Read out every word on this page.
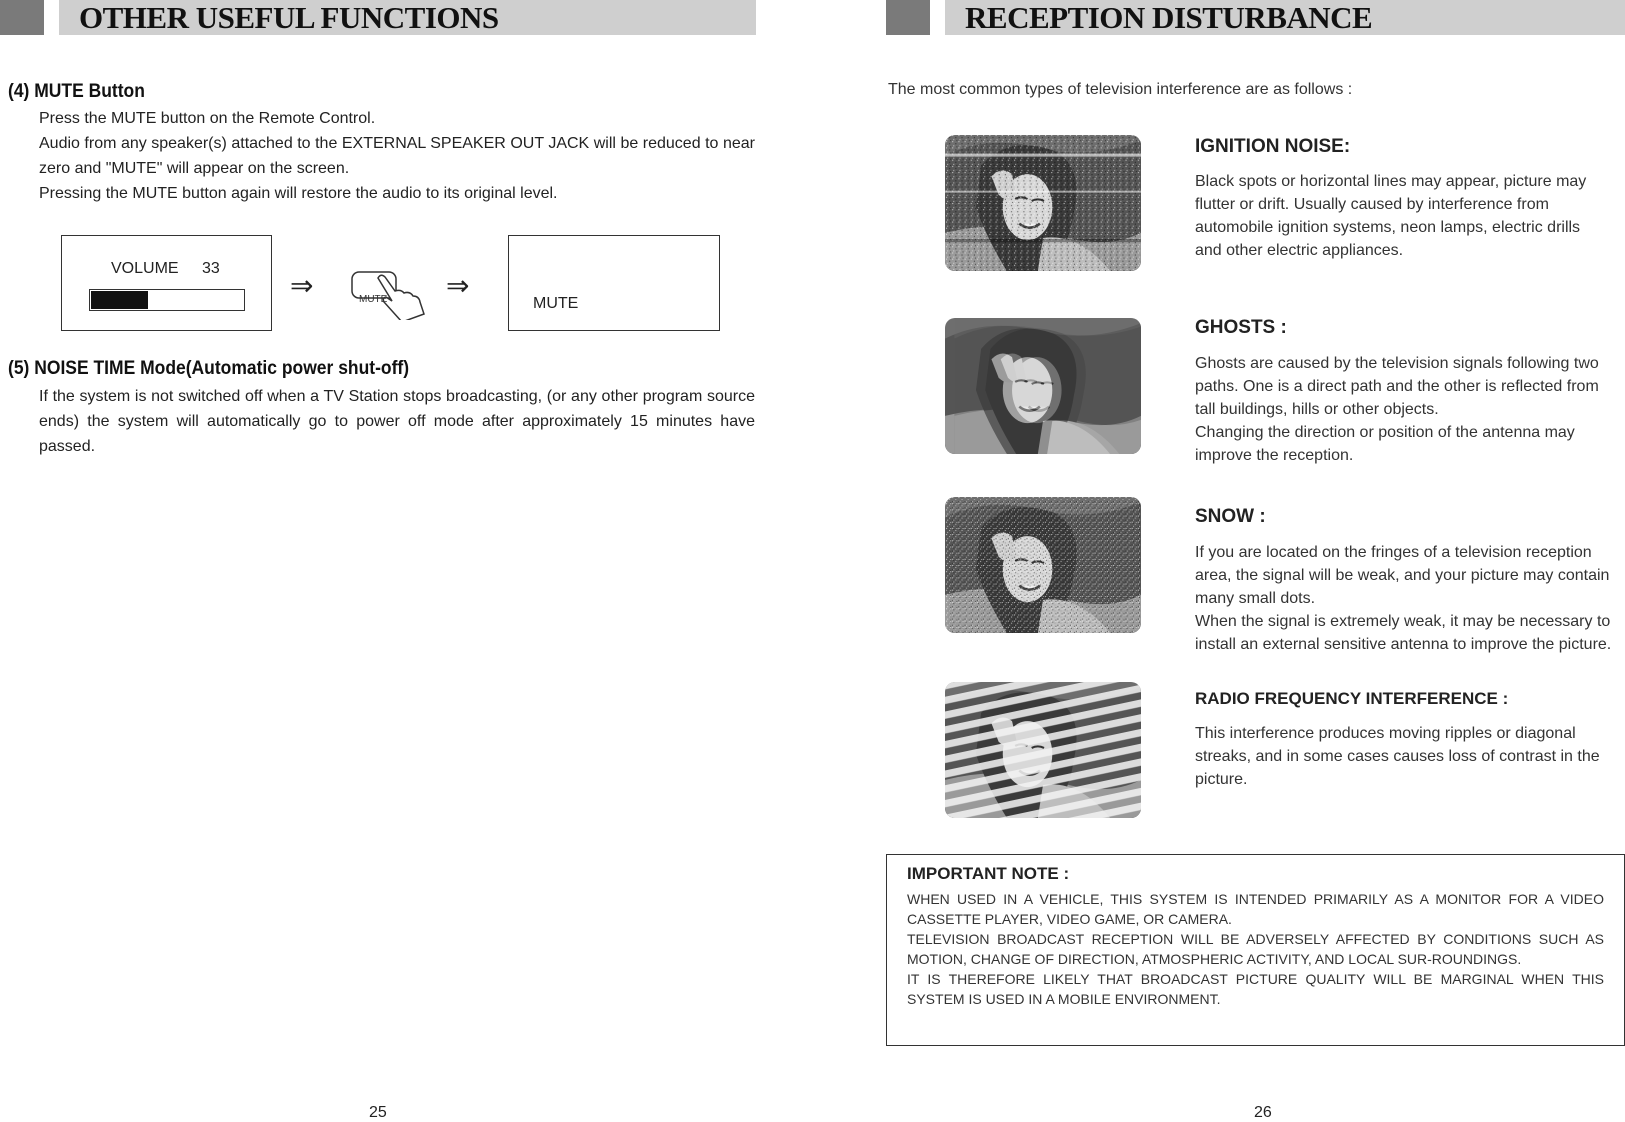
OTHER USEFUL FUNCTIONS
(4) MUTE Button
Press the MUTE button on the Remote Control.
Audio from any speaker(s) attached to the EXTERNAL SPEAKER OUT JACK will be reduced to near zero and "MUTE" will appear on the screen.
Pressing the MUTE button again will restore the audio to its original level.
VOLUME 33
⇒	MUTE ⇒
MUTE
(5) NOISE TIME Mode(Automatic power shut-off)
If the system is not switched off when a TV Station stops broadcasting, (or any other program source ends) the system will automatically go to power off mode after approximately 15 minutes have passed.
25
RECEPTION DISTURBANCE
The most common types of television interference are as follows :
IGNITION NOISE:
Black spots or horizontal lines may appear, picture may
flutter or drift. Usually caused by interference from
automobile ignition systems, neon lamps, electric drills
and other electric appliances.
GHOSTS :
Ghosts are caused by the television signals following two
paths. One is a direct path and the other is reflected from
tall buildings, hills or other objects.
Changing the direction or position of the antenna may
improve the reception.
SNOW :
If you are located on the fringes of a television reception
area, the signal will be weak, and your picture may contain
many small dots.
When the signal is extremely weak, it may be necessary to
install an external sensitive antenna to improve the picture.
RADIO FREQUENCY INTERFERENCE :
This interference produces moving ripples or diagonal
streaks, and in some cases causes loss of contrast in the
picture.
IMPORTANT NOTE :
WHEN USED IN A VEHICLE, THIS SYSTEM IS INTENDED PRIMARILY AS A MONITOR FOR A VIDEO CASSETTE PLAYER, VIDEO GAME, OR CAMERA.
TELEVISION BROADCAST RECEPTION WILL BE ADVERSELY AFFECTED BY CONDITIONS SUCH AS MOTION, CHANGE OF DIRECTION, ATMOSPHERIC ACTIVITY, AND LOCAL SUR-ROUNDINGS.
IT IS THEREFORE LIKELY THAT BROADCAST PICTURE QUALITY WILL BE MARGINAL WHEN THIS SYSTEM IS USED IN A MOBILE ENVIRONMENT.
26
